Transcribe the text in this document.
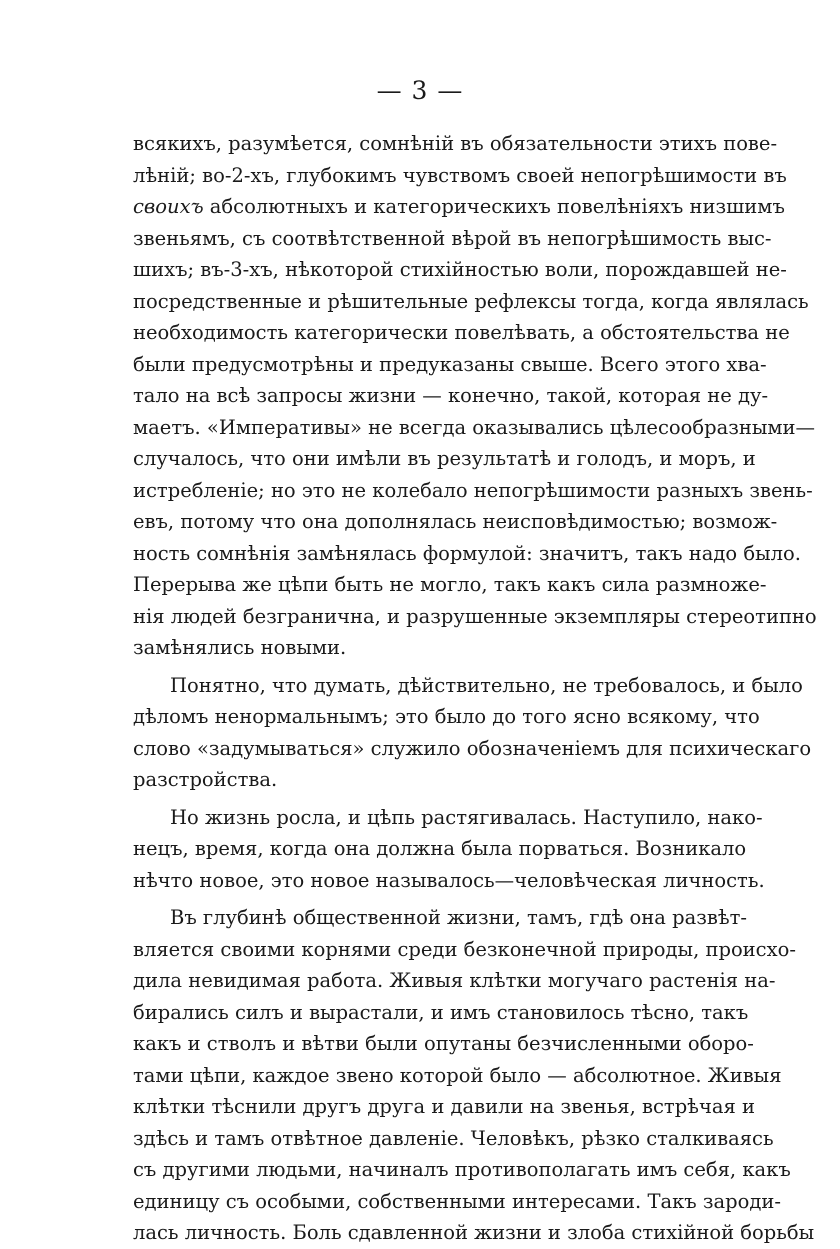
— 3 —
всякихъ, разумѣется, сомнѣній въ обязательности этихъ пове-
лѣній; во-2-хъ, глубокимъ чувствомъ своей непогрѣшимости въ
своихъ абсолютныхъ и категорическихъ повелѣніяхъ низшимъ
звеньямъ, съ соотвѣтственной вѣрой въ непогрѣшимость выс-
шихъ; въ-3-хъ, нѣкоторой стихійностью воли, порождавшей не-
посредственные и рѣшительные рефлексы тогда, когда являлась
необходимость категорически повелѣвать, а обстоятельства не
были предусмотрѣны и предуказаны свыше. Всего этого хва-
тало на всѣ запросы жизни — конечно, такой, которая не ду-
маетъ. «Императивы» не всегда оказывались цѣлесообразными—
случалось, что они имѣли въ результатѣ и голодъ, и моръ, и
истребленіе; но это не колебало непогрѣшимости разныхъ звень-
евъ, потому что она дополнялась неисповѣдимостью; возмож-
ность сомнѣнія замѣнялась формулой: значитъ, такъ надо было.
Перерыва же цѣпи быть не могло, такъ какъ сила размноже-
нія людей безгранична, и разрушенные экземпляры стереотипно
замѣнялись новыми.
Понятно, что думать, дѣйствительно, не требовалось, и было
дѣломъ ненормальнымъ; это было до того ясно всякому, что
слово «задумываться» служило обозначеніемъ для психическаго
разстройства.
Но жизнь росла, и цѣпь растягивалась. Наступило, нако-
нецъ, время, когда она должна была порваться. Возникало
нѣчто новое, это новое называлось—человѣческая личность.
Въ глубинѣ общественной жизни, тамъ, гдѣ она развѣт-
вляется своими корнями среди безконечной природы, происхо-
дила невидимая работа. Живыя клѣтки могучаго растенія на-
бирались силъ и вырастали, и имъ становилось тѣсно, такъ
какъ и стволъ и вѣтви были опутаны безчисленными оборо-
тами цѣпи, каждое звено которой было — абсолютное. Живыя
клѣтки тѣснили другъ друга и давили на звенья, встрѣчая и
здѣсь и тамъ отвѣтное давленіе. Человѣкъ, рѣзко сталкиваясь
съ другими людьми, начиналъ противополагать имъ себя, какъ
единицу съ особыми, собственными интересами. Такъ зароди-
лась личность. Боль сдавленной жизни и злоба стихійной борьбы
